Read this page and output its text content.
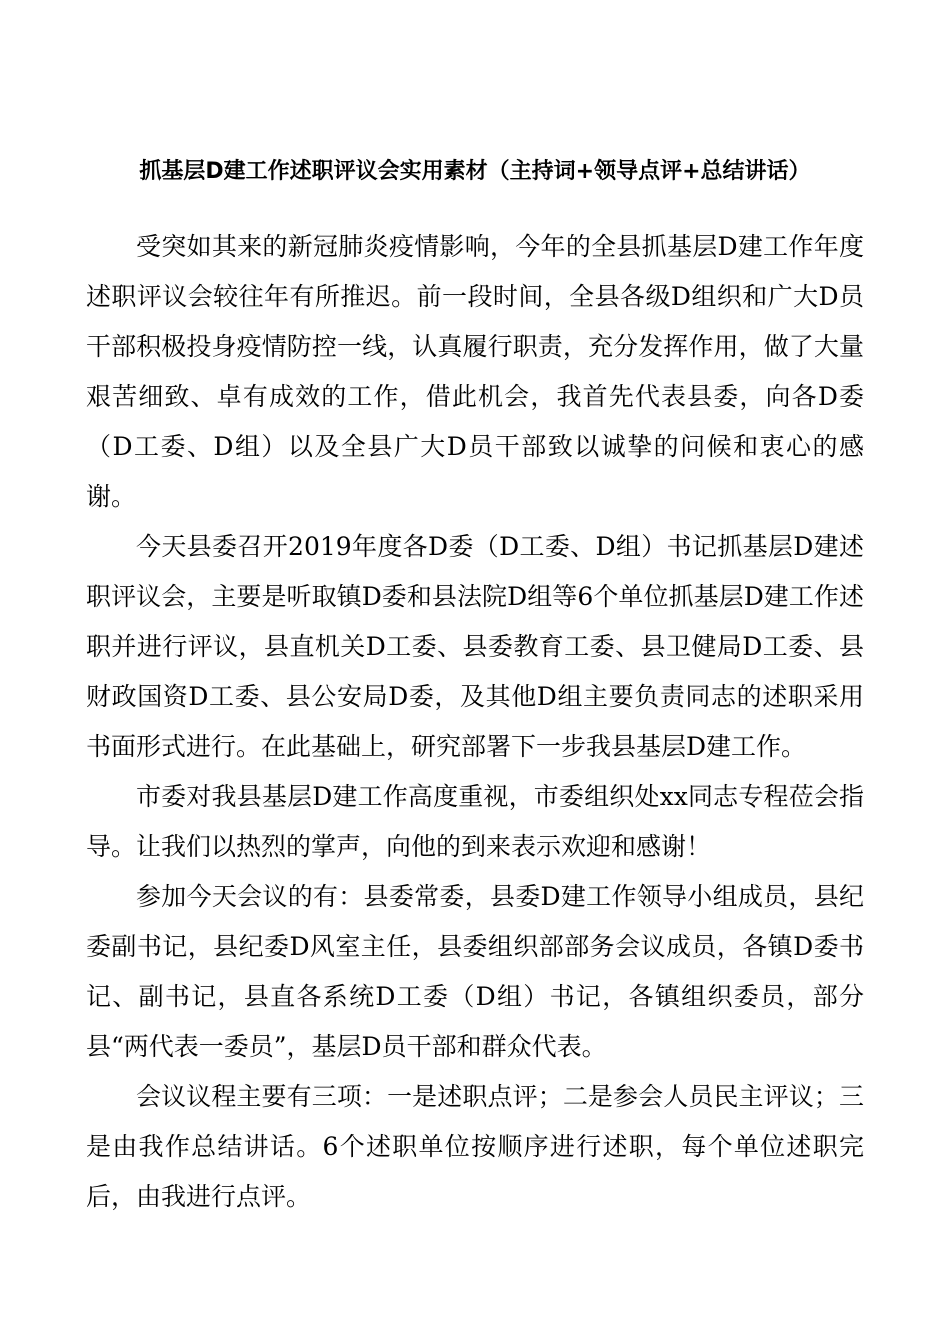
抓基层D建工作述职评议会实用素材（主持词+领导点评+总结讲话）

受突如其来的新冠肺炎疫情影响，今年的全县抓基层D建工作年度述职评议会较往年有所推迟。前一段时间，全县各级D组织和广大D员干部积极投身疫情防控一线，认真履行职责，充分发挥作用，做了大量艰苦细致、卓有成效的工作，借此机会，我首先代表县委，向各D委（D工委、D组）以及全县广大D员干部致以诚挚的问候和衷心的感谢。

今天县委召开2019年度各D委（D工委、D组）书记抓基层D建述职评议会，主要是听取镇D委和县法院D组等6个单位抓基层D建工作述职并进行评议，县直机关D工委、县委教育工委、县卫健局D工委、县财政国资D工委、县公安局D委，及其他D组主要负责同志的述职采用书面形式进行。在此基础上，研究部署下一步我县基层D建工作。

市委对我县基层D建工作高度重视，市委组织处xx同志专程莅会指导。让我们以热烈的掌声，向他的到来表示欢迎和感谢！

参加今天会议的有：县委常委，县委D建工作领导小组成员，县纪委副书记，县纪委D风室主任，县委组织部部务会议成员，各镇D委书记、副书记，县直各系统D工委（D组）书记，各镇组织委员，部分县“两代表一委员”，基层D员干部和群众代表。

会议议程主要有三项：一是述职点评；二是参会人员民主评议；三是由我作总结讲话。6个述职单位按顺序进行述职，每个单位述职完后，由我进行点评。
